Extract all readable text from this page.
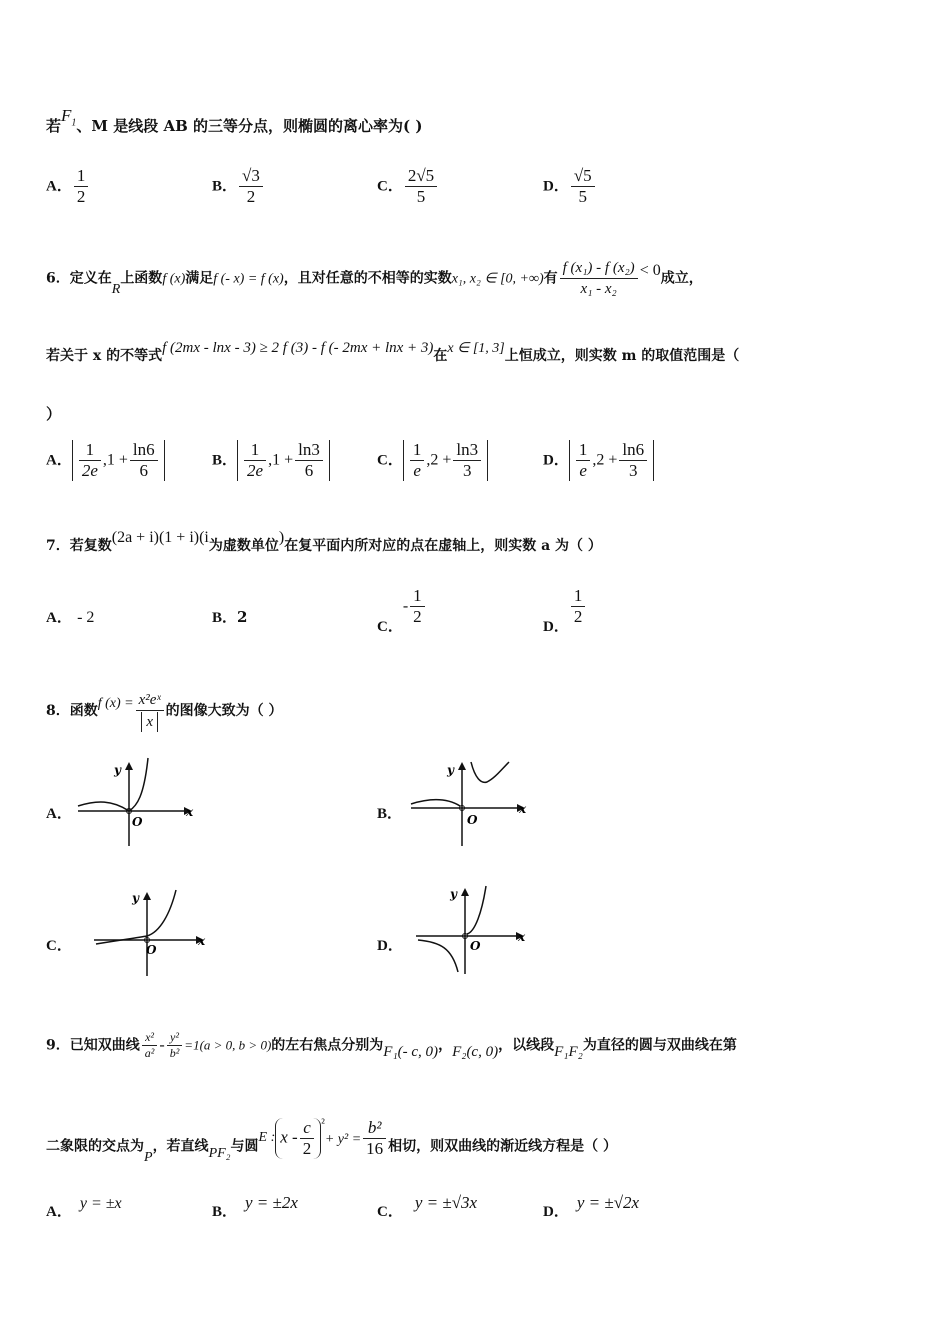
若$F_1$、M 是线段 AB 的三等分点，则椭圆的离心率为( )
A． $\frac{1}{2}$	B． $\frac{√3}{2}$	C． $\frac{2√5}{5}$	D． $\frac{√5}{5}$
6．定义在R上函数f (x)满足f (- x) = f (x)，且对任意的不相等的实数x₁, x₂ ∈ [0, +∞)有 $\frac{\text{f (x₁) - f (x₂)}}{\text{x₁ - x₂}} < 0$成立，
若关于 x 的不等式f (2mx - lnx - 3) ≥ 2 f (3) - f (- 2mx + lnx + 3)在x ∈ [1, 3]上恒成立，则实数 m 的取值范围是（
）
A． $\frac{1}{2e} ,1 + \frac{\ln 6}{6}$	B． $\frac{1}{2e} ,1 + \frac{\ln 3}{6}$	C． $\frac{1}{e} ,2 + \frac{\ln 3}{3}$	D． $\frac{1}{e} ,2 + \frac{\ln 6}{3}$
7．若复数(2a + i)(1 + i)(i为虚数单位)在复平面内所对应的点在虚轴上，则实数 a 为（ ）
A． - 2	B．2
C．- $\frac{1}{2}$	D． $\frac{1}{2}$
8．函数f $(x) = \frac{\text{x²eˣ}}{x}$ 的图像大致为（ ）
A．
y
x
O	B．
y
x
O
C．
y
x
O	D．
y
x
O
9．已知双曲线 $\frac{\text{x²}}{\text{a²}} - \frac{\text{y²}}{\text{b²}} =1(a > 0$, b > 0)的左右焦点分别为F₁(- c, 0)，F₂(c, 0)，以线段F₁F₂为直径的圆与双曲线在第
二象限的交点为P，若直线PF₂与圆E : $x - \frac{c}{2} ^2+ y^2 = \frac{\text{b²}}{16}$ 相切，则双曲线的渐近线方程是（ ）
A． y = ±x	B． y = ±2x	C． y = ±√3x	D． y = ±√2x
